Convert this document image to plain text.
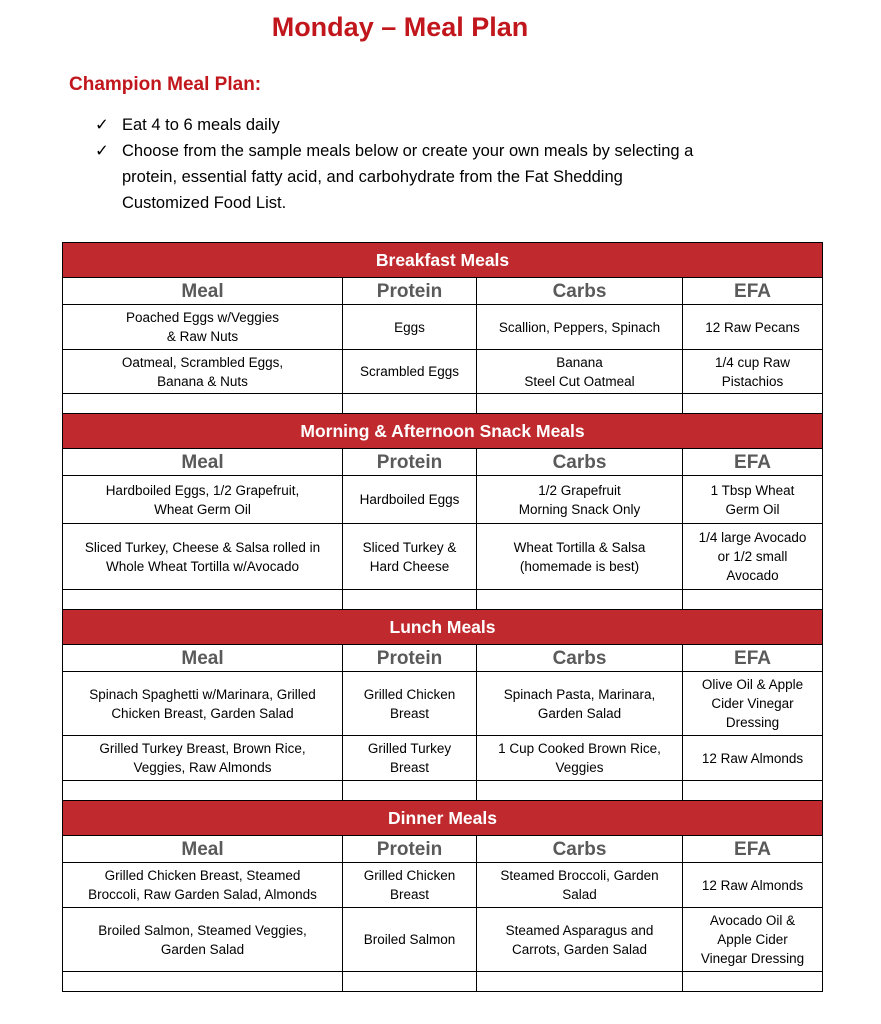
Monday – Meal Plan
Champion Meal Plan:
✓ Eat 4 to 6 meals daily
✓ Choose from the sample meals below or create your own meals by selecting a
protein, essential fatty acid, and carbohydrate from the Fat Shedding
Customized Food List.
Breakfast Meals			
Meal	Protein	Carbs	EFA

Poached Eggs w/Veggies
& Raw Nuts	Eggs	Scallion, Peppers, Spinach	12 Raw Pecans

Oatmeal, Scrambled Eggs,
Banana & Nuts	Scrambled Eggs	Banana
Steel Cut Oatmeal	1/4 cup Raw
Pistachios

Morning & Afternoon Snack Meals			
Meal	Protein	Carbs	EFA

Hardboiled Eggs, 1/2 Grapefruit,
Wheat Germ Oil	Hardboiled Eggs	1/2 Grapefruit
Morning Snack Only	1 Tbsp Wheat
Germ Oil

Sliced Turkey, Cheese & Salsa rolled in
Whole Wheat Tortilla w/Avocado	Sliced Turkey &
Hard Cheese	Wheat Tortilla & Salsa
(homemade is best)	1/4 large Avocado
or 1/2 small
Avocado

Lunch Meals			
Meal	Protein	Carbs	EFA

Spinach Spaghetti w/Marinara, Grilled
Chicken Breast, Garden Salad	Grilled Chicken
Breast	Spinach Pasta, Marinara,
Garden Salad	Olive Oil & Apple
Cider Vinegar
Dressing

Grilled Turkey Breast, Brown Rice,
Veggies, Raw Almonds	Grilled Turkey
Breast	1 Cup Cooked Brown Rice,
Veggies	12 Raw Almonds

Dinner Meals			
Meal	Protein	Carbs	EFA

Grilled Chicken Breast, Steamed
Broccoli, Raw Garden Salad, Almonds	Grilled Chicken
Breast	Steamed Broccoli, Garden
Salad	12 Raw Almonds

Broiled Salmon, Steamed Veggies,
Garden Salad	Broiled Salmon	Steamed Asparagus and
Carrots, Garden Salad	Avocado Oil &
Apple Cider
Vinegar Dressing
